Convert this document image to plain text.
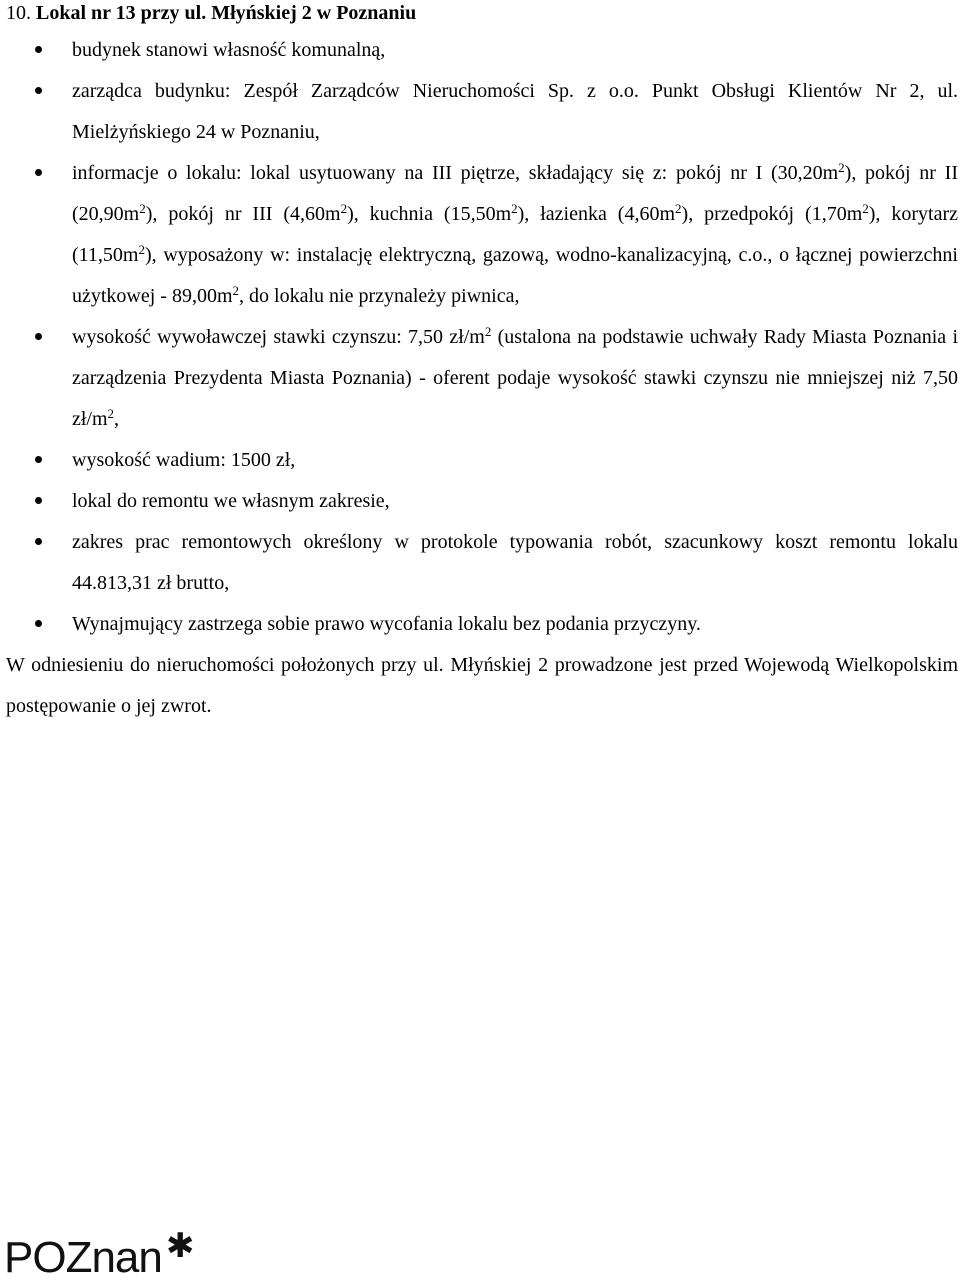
10. Lokal nr 13 przy ul. Młyńskiej 2 w Poznaniu

budynek stanowi własność komunalną,
zarządca budynku: Zespół Zarządców Nieruchomości Sp. z o.o. Punkt Obsługi Klientów Nr 2, ul. Mielżyńskiego 24 w Poznaniu,
informacje o lokalu: lokal usytuowany na III piętrze, składający się z: pokój nr I $(30,20m^2)$, pokój nr II $(20,90m^2)$, pokój nr III $(4,60m^2)$, kuchnia $(15,50m^2)$, łazienka $(4,60m^2)$, przedpokój $(1,70m^2)$, korytarz $(11,50m^2)$, wyposażony w: instalację elektryczną, gazową, wodno-kanalizacyjną, c.o., o łącznej powierzchni użytkowej - $89,00m^2$, do lokalu nie przynależy piwnica,
wysokość wywoławczej stawki czynszu: 7,50 $zł/m^2$ (ustalona na podstawie uchwały Rady Miasta Poznania i zarządzenia Prezydenta Miasta Poznania) - oferent podaje wysokość stawki czynszu nie mniejszej niż 7,50 $zł/m^2$,
wysokość wadium: 1500 zł,
lokal do remontu we własnym zakresie,
zakres prac remontowych określony w protokole typowania robót, szacunkowy koszt remontu lokalu 44.813,31 zł brutto,
Wynajmujący zastrzega sobie prawo wycofania lokalu bez podania przyczyny.

W odniesieniu do nieruchomości położonych przy ul. Młyńskiej 2 prowadzone jest przed Wojewodą Wielkopolskim postępowanie o jej zwrot.

POZnan ✱
